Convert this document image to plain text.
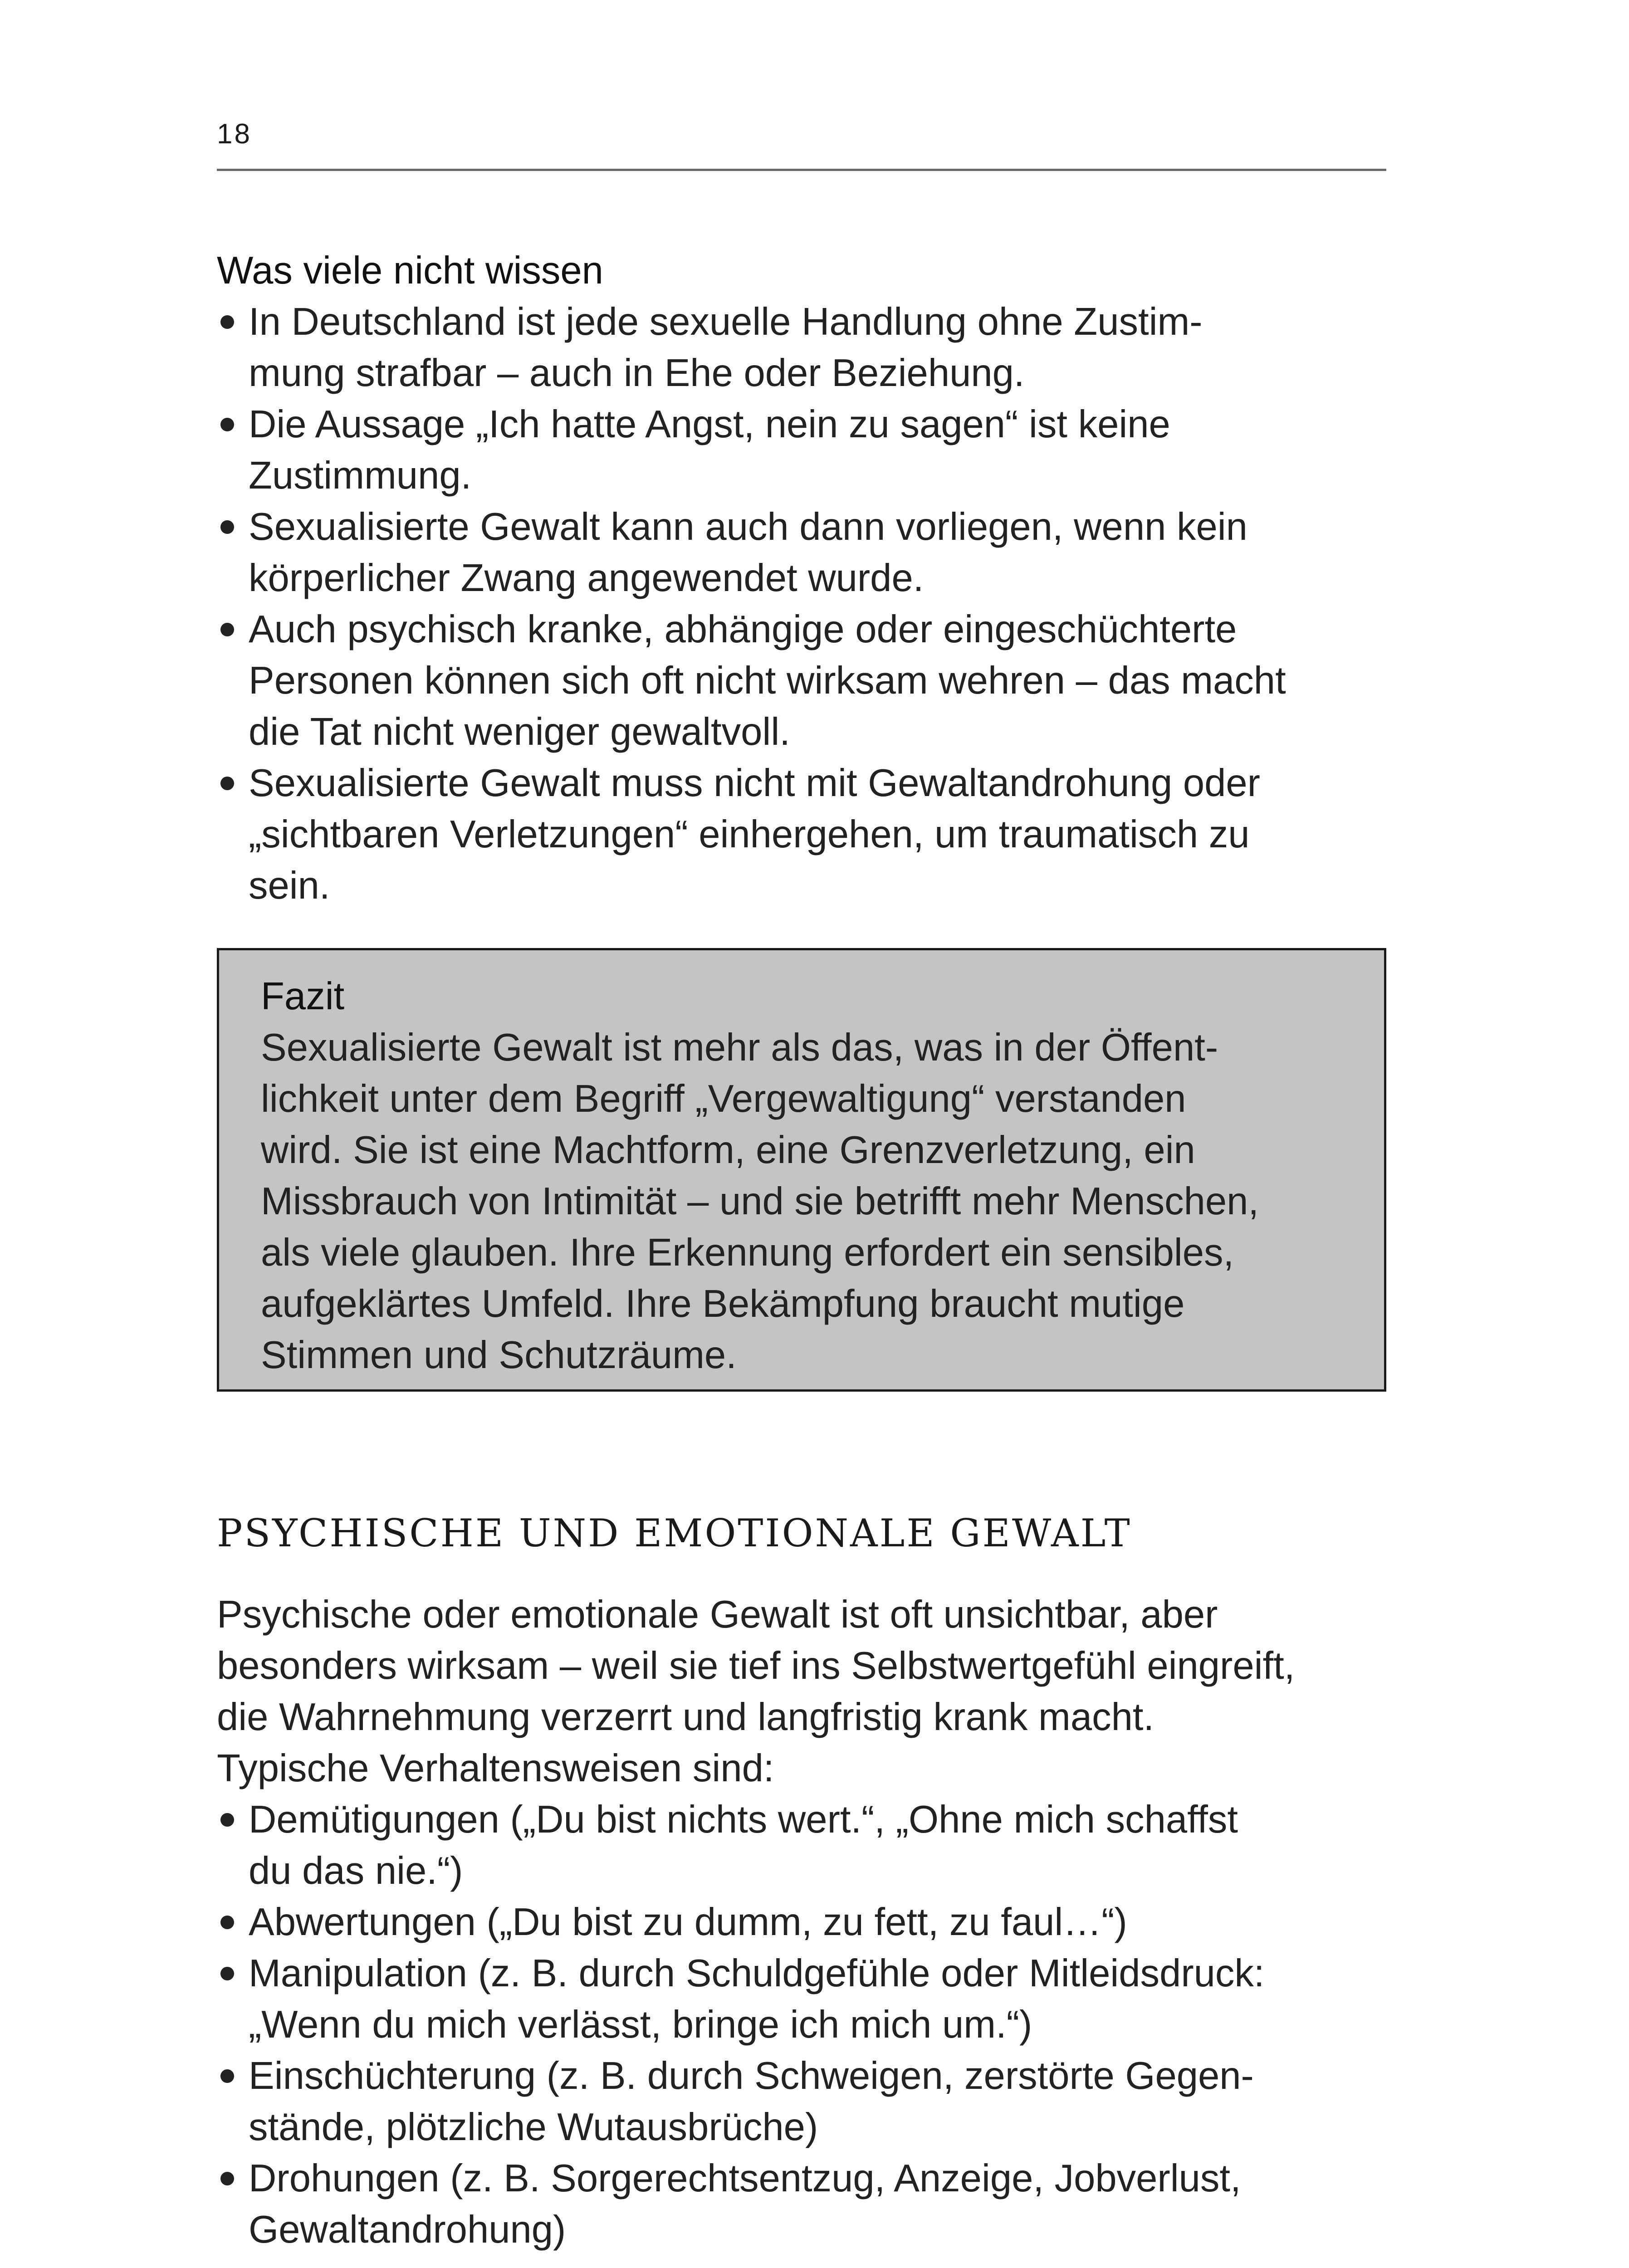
18
Was viele nicht wissen
In Deutschland ist jede sexuelle Handlung ohne Zustim-
mung strafbar – auch in Ehe oder Beziehung.
Die Aussage „Ich hatte Angst, nein zu sagen“ ist keine
Zustimmung.
Sexualisierte Gewalt kann auch dann vorliegen, wenn kein
körperlicher Zwang angewendet wurde.
Auch psychisch kranke, abhängige oder eingeschüchterte
Personen können sich oft nicht wirksam wehren – das macht
die Tat nicht weniger gewaltvoll.
Sexualisierte Gewalt muss nicht mit Gewaltandrohung oder
„sichtbaren Verletzungen“ einhergehen, um traumatisch zu
sein.
Fazit
Sexualisierte Gewalt ist mehr als das, was in der Öffent-
lichkeit unter dem Begriff „Vergewaltigung“ verstanden
wird. Sie ist eine Machtform, eine Grenzverletzung, ein
Missbrauch von Intimität – und sie betrifft mehr Menschen,
als viele glauben. Ihre Erkennung erfordert ein sensibles,
aufgeklärtes Umfeld. Ihre Bekämpfung braucht mutige
Stimmen und Schutzräume.
PSYCHISCHE UND EMOTIONALE GEWALT
Psychische oder emotionale Gewalt ist oft unsichtbar, aber
besonders wirksam – weil sie tief ins Selbstwertgefühl eingreift,
die Wahrnehmung verzerrt und langfristig krank macht.
Typische Verhaltensweisen sind:
Demütigungen („Du bist nichts wert.“, „Ohne mich schaffst
du das nie.“)
Abwertungen („Du bist zu dumm, zu fett, zu faul…“)
Manipulation (z. B. durch Schuldgefühle oder Mitleidsdruck:
„Wenn du mich verlässt, bringe ich mich um.“)
Einschüchterung (z. B. durch Schweigen, zerstörte Gegen-
stände, plötzliche Wutausbrüche)
Drohungen (z. B. Sorgerechtsentzug, Anzeige, Jobverlust,
Gewaltandrohung)
